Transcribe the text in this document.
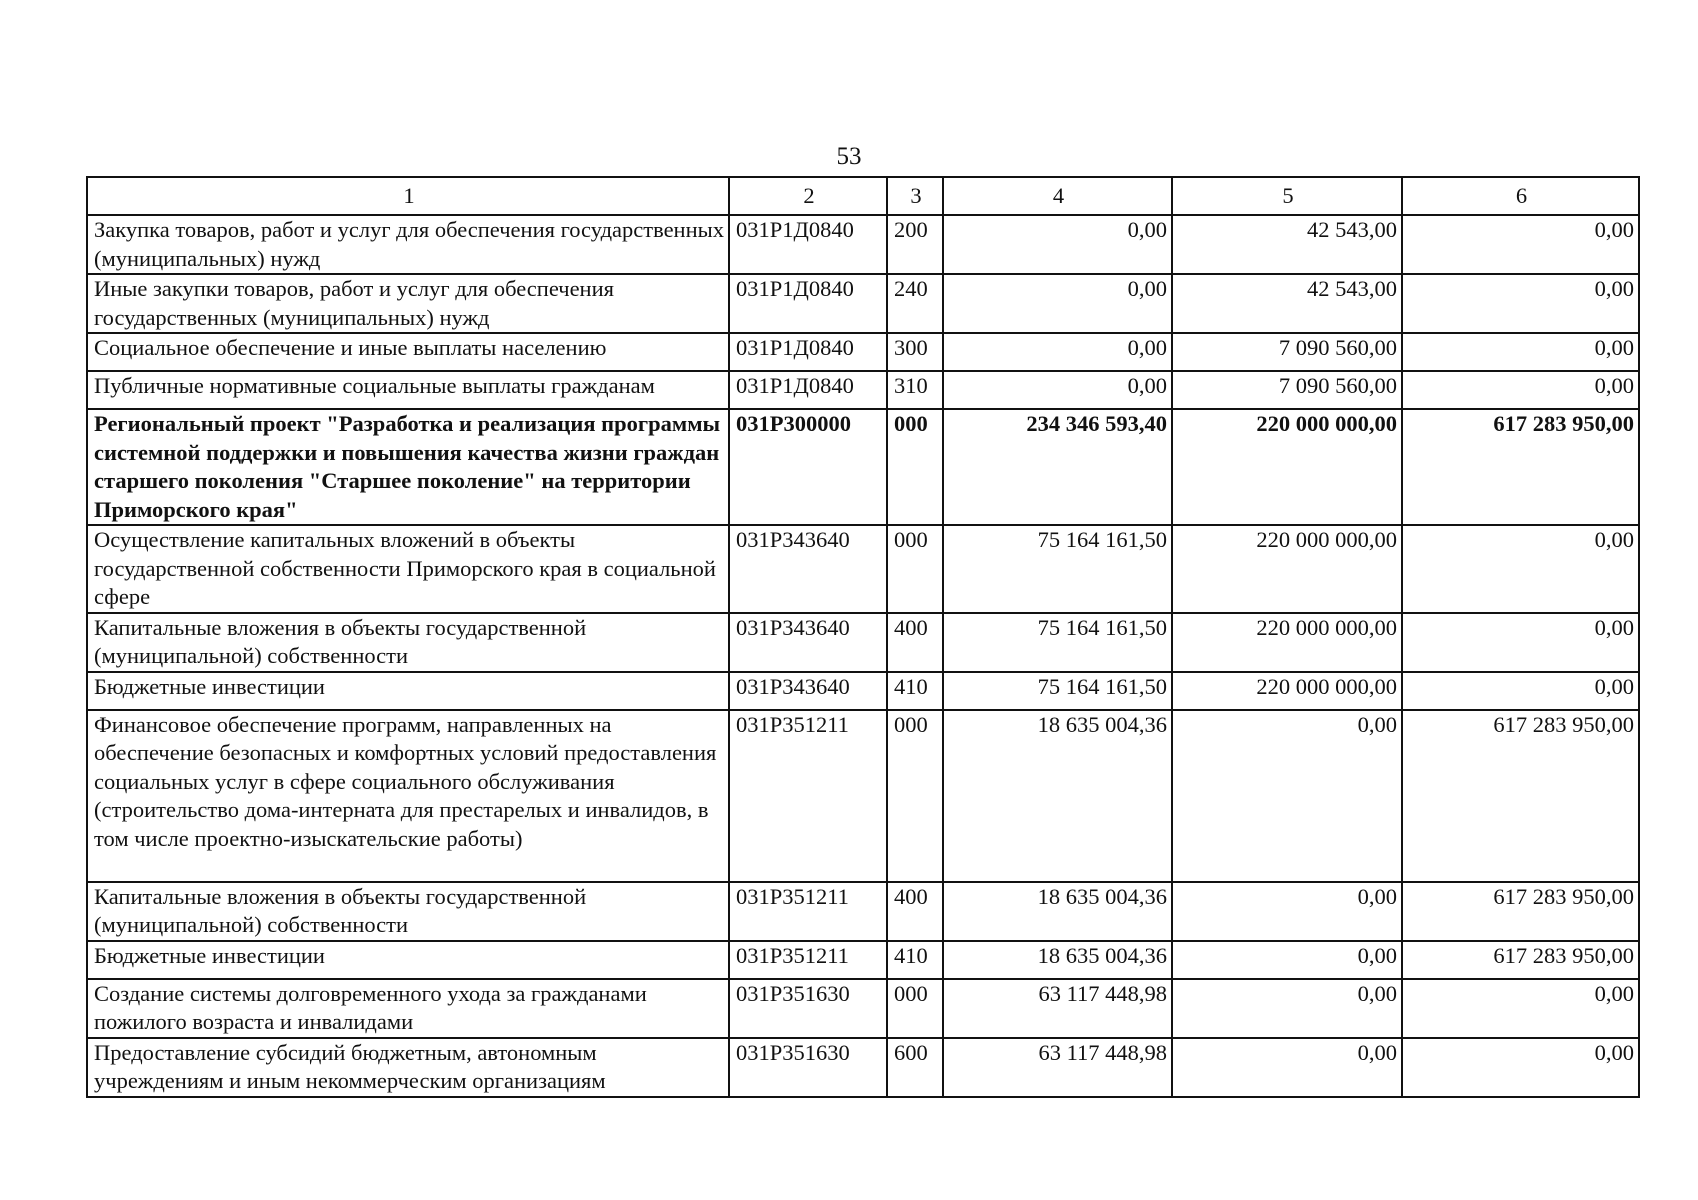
53
1	2	3	4	5	6
Закупка товаров, работ и услуг для обеспечения государственных (муниципальных) нужд	031Р1Д0840	200	0,00	42 543,00	0,00
Иные закупки товаров, работ и услуг для обеспечения государственных (муниципальных) нужд	031Р1Д0840	240	0,00	42 543,00	0,00
Социальное обеспечение и иные выплаты населению	031Р1Д0840	300	0,00	7 090 560,00	0,00
Публичные нормативные социальные выплаты гражданам	031Р1Д0840	310	0,00	7 090 560,00	0,00
Региональный проект "Разработка и реализация программы системной поддержки и повышения качества жизни граждан старшего поколения "Старшее поколение" на территории Приморского края"	031Р300000	000	234 346 593,40	220 000 000,00	617 283 950,00
Осуществление капитальных вложений в объекты государственной собственности Приморского края в социальной сфере	031Р343640	000	75 164 161,50	220 000 000,00	0,00
Капитальные вложения в объекты государственной (муниципальной) собственности	031Р343640	400	75 164 161,50	220 000 000,00	0,00
Бюджетные инвестиции	031Р343640	410	75 164 161,50	220 000 000,00	0,00
Финансовое обеспечение программ, направленных на обеспечение безопасных и комфортных условий предоставления социальных услуг в сфере социального обслуживания (строительство дома-интерната для престарелых и инвалидов, в том числе проектно-изыскательские работы)	031Р351211	000	18 635 004,36	0,00	617 283 950,00
Капитальные вложения в объекты государственной (муниципальной) собственности	031Р351211	400	18 635 004,36	0,00	617 283 950,00
Бюджетные инвестиции	031Р351211	410	18 635 004,36	0,00	617 283 950,00
Создание системы долговременного ухода за гражданами пожилого возраста и инвалидами	031Р351630	000	63 117 448,98	0,00	0,00
Предоставление субсидий бюджетным, автономным учреждениям и иным некоммерческим организациям	031Р351630	600	63 117 448,98	0,00	0,00
